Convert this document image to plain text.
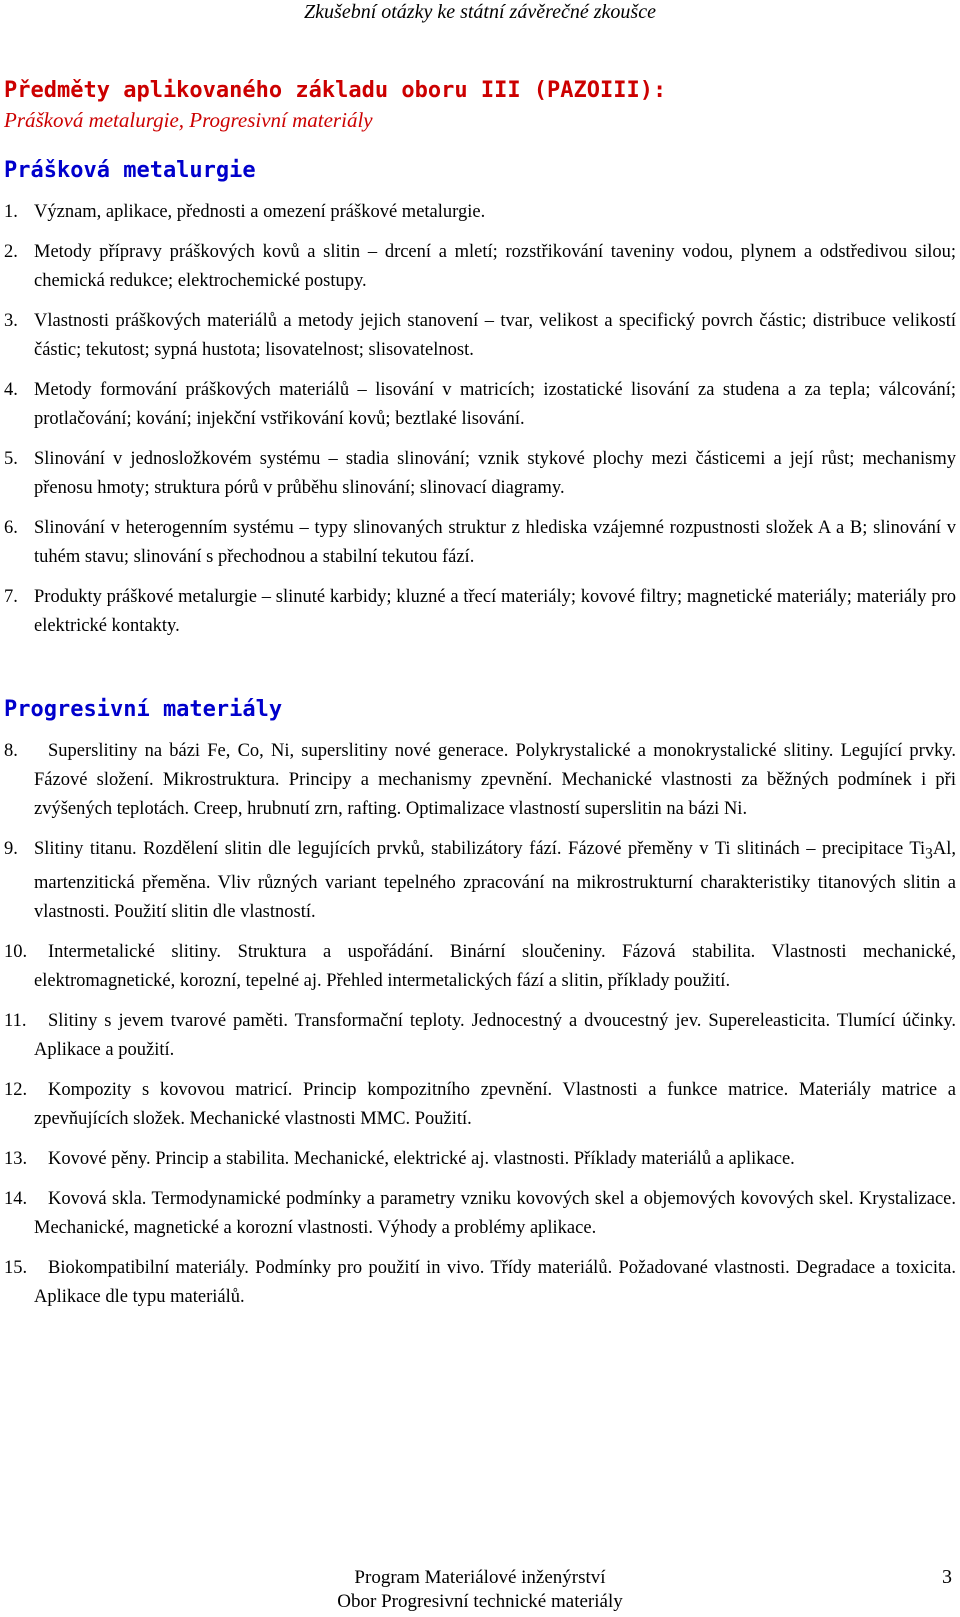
Zkušební otázky ke státní závěrečné zkoušce
Předměty aplikovaného základu oboru III (PAZOIII):
Prášková metalurgie, Progresivní materiály
Prášková metalurgie
1. Význam, aplikace, přednosti a omezení práškové metalurgie.
2. Metody přípravy práškových kovů a slitin – drcení a mletí; rozstřikování taveniny vodou, plynem a odstředivou silou; chemická redukce; elektrochemické postupy.
3. Vlastnosti práškových materiálů a metody jejich stanovení – tvar, velikost a specifický povrch částic; distribuce velikostí částic; tekutost; sypná hustota; lisovatelnost; slisovatelnost.
4. Metody formování práškových materiálů – lisování v matricích; izostatické lisování za studena a za tepla; válcování; protlačování; kování; injekční vstřikování kovů; beztlaké lisování.
5. Slinování v jednosložkovém systému – stadia slinování; vznik stykové plochy mezi částicemi a její růst; mechanismy přenosu hmoty; struktura pórů v průběhu slinování; slinovací diagramy.
6. Slinování v heterogenním systému – typy slinovaných struktur z hlediska vzájemné rozpustnosti složek A a B; slinování v tuhém stavu; slinování s přechodnou a stabilní tekutou fází.
7. Produkty práškové metalurgie – slinuté karbidy; kluzné a třecí materiály; kovové filtry; magnetické materiály; materiály pro elektrické kontakty.
Progresivní materiály
8. Superslitiny na bázi Fe, Co, Ni, superslitiny nové generace. Polykrystalické a monokrystalické slitiny. Legující prvky. Fázové složení. Mikrostruktura. Principy a mechanismy zpevnění. Mechanické vlastnosti za běžných podmínek i při zvýšených teplotách. Creep, hrubnutí zrn, rafting. Optimalizace vlastností superslitin na bázi Ni.
9. Slitiny titanu. Rozdělení slitin dle legujících prvků, stabilizátory fází. Fázové přeměny v Ti slitinách – precipitace $Ti_3Al$, martenzitická přeměna. Vliv různých variant tepelného zpracování na mikrostrukturní charakteristiky titanových slitin a vlastnosti. Použití slitin dle vlastností.
10. Intermetalické slitiny. Struktura a uspořádání. Binární sloučeniny. Fázová stabilita. Vlastnosti mechanické, elektromagnetické, korozní, tepelné aj. Přehled intermetalických fází a slitin, příklady použití.
11. Slitiny s jevem tvarové paměti. Transformační teploty. Jednocestný a dvoucestný jev. Supereleasticita. Tlumící účinky. Aplikace a použití.
12. Kompozity s kovovou matricí. Princip kompozitního zpevnění. Vlastnosti a funkce matrice. Materiály matrice a zpevňujících složek. Mechanické vlastnosti MMC. Použití.
13. Kovové pěny. Princip a stabilita. Mechanické, elektrické aj. vlastnosti. Příklady materiálů a aplikace.
14. Kovová skla. Termodynamické podmínky a parametry vzniku kovových skel a objemových kovových skel. Krystalizace. Mechanické, magnetické a korozní vlastnosti. Výhody a problémy aplikace.
15. Biokompatibilní materiály. Podmínky pro použití in vivo. Třídy materiálů. Požadované vlastnosti. Degradace a toxicita. Aplikace dle typu materiálů.
Program Materiálové inženýrství
Obor Progresivní technické materiály
3
